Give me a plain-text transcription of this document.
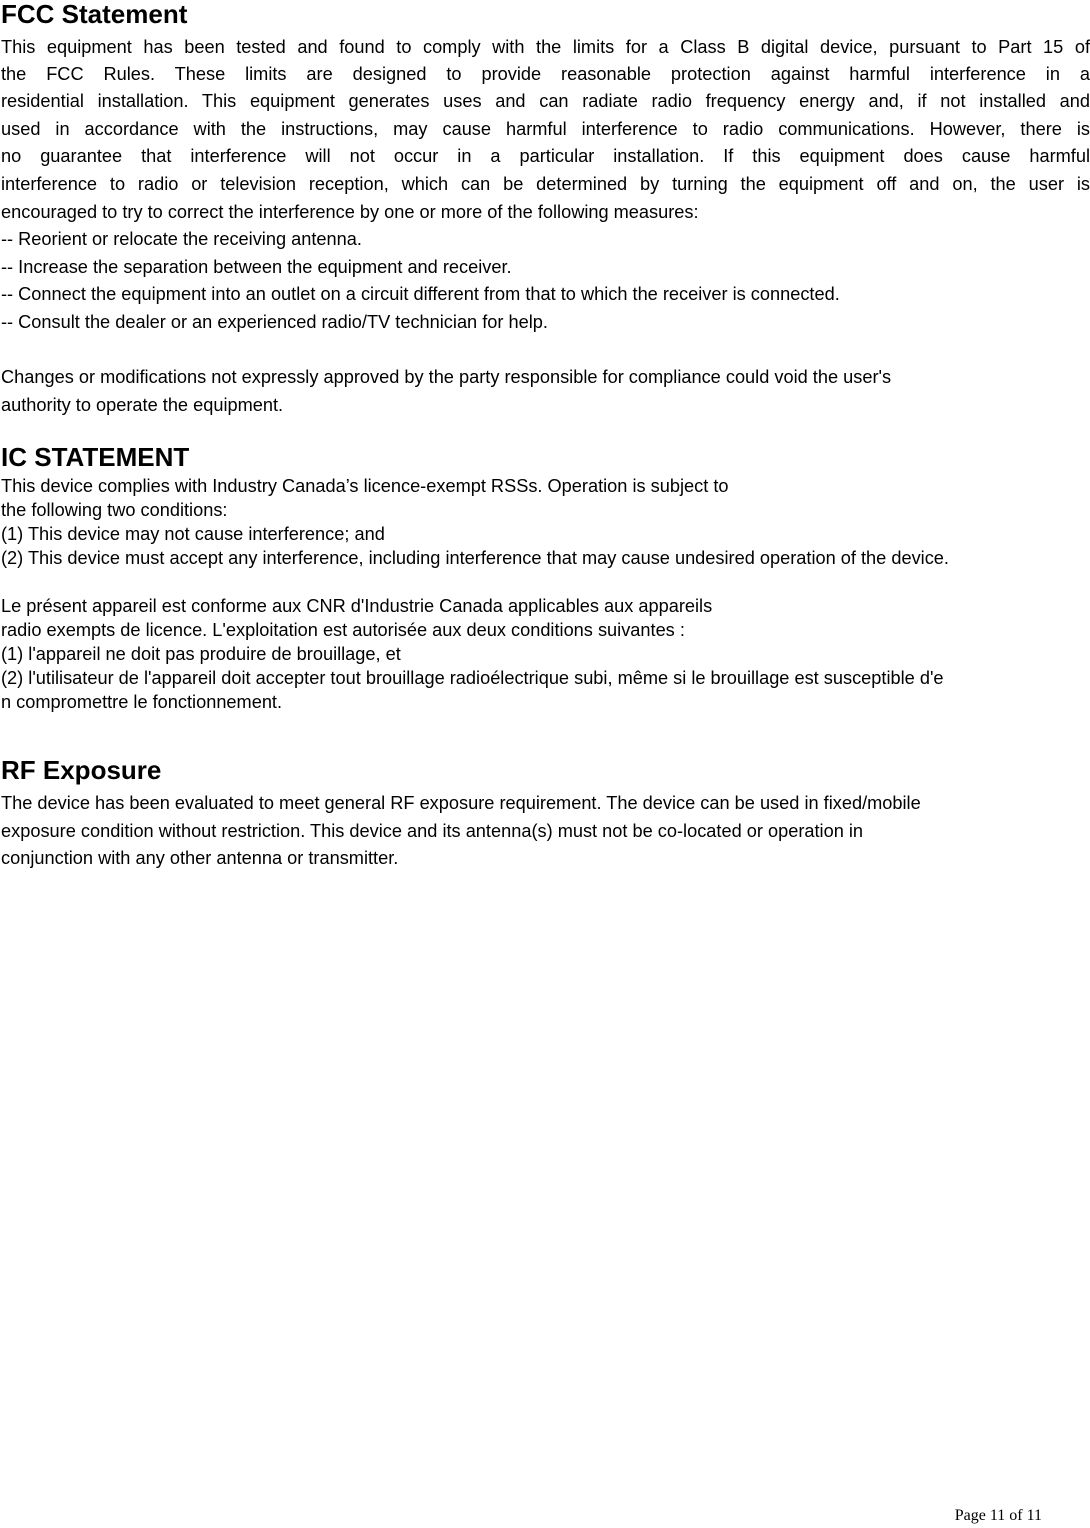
FCC Statement
This equipment has been tested and found to comply with the limits for a Class B digital device, pursuant to Part 15 of
the FCC Rules. These limits are designed to provide reasonable protection against harmful interference in a
residential installation. This equipment generates uses and can radiate radio frequency energy and, if not installed and
used in accordance with the instructions, may cause harmful interference to radio communications. However, there is
no guarantee that interference will not occur in a particular installation. If this equipment does cause harmful
interference to radio or television reception, which can be determined by turning the equipment off and on, the user is
encouraged to try to correct the interference by one or more of the following measures:
-- Reorient or relocate the receiving antenna.
-- Increase the separation between the equipment and receiver.
-- Connect the equipment into an outlet on a circuit different from that to which the receiver is connected.
-- Consult the dealer or an experienced radio/TV technician for help.
Changes or modifications not expressly approved by the party responsible for compliance could void the user's
authority to operate the equipment.
IC STATEMENT
This device complies with Industry Canada’s licence-exempt RSSs. Operation is subject to
the following two conditions:
(1) This device may not cause interference; and
(2) This device must accept any interference, including interference that may cause undesired operation of the device.
Le présent appareil est conforme aux CNR d'Industrie Canada applicables aux appareils
radio exempts de licence. L'exploitation est autorisée aux deux conditions suivantes :
(1) l'appareil ne doit pas produire de brouillage, et
(2) l'utilisateur de l'appareil doit accepter tout brouillage radioélectrique subi, même si le brouillage est susceptible d'e
n compromettre le fonctionnement.
RF Exposure
The device has been evaluated to meet general RF exposure requirement. The device can be used in fixed/mobile
exposure condition without restriction. This device and its antenna(s) must not be co-located or operation in
conjunction with any other antenna or transmitter.
Page 11 of 11
